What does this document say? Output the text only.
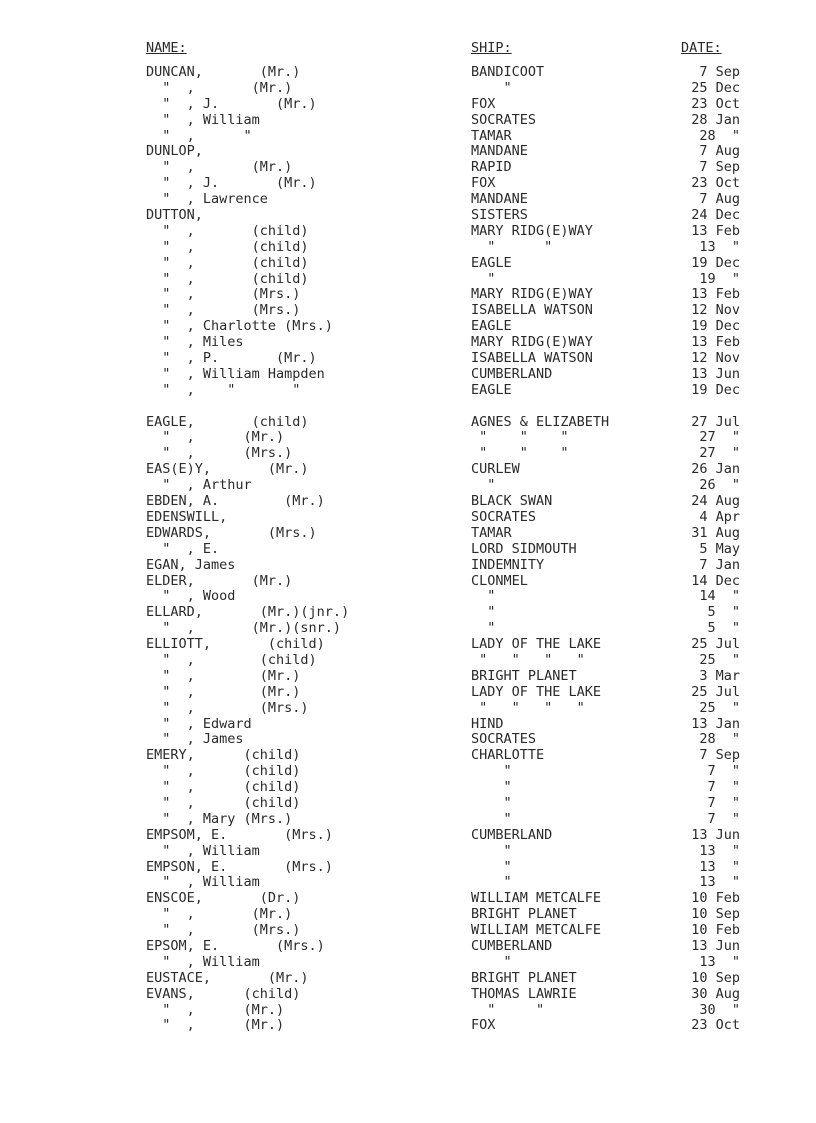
NAME:	SHIP:	DATE:
DUNCAN,       (Mr.)	BANDICOOT	7 Sep
"  ,       (Mr.)	"	25 Dec
"  , J.       (Mr.)	FOX	23 Oct
"  , William	SOCRATES	28 Jan
"  ,      "	TAMAR	28  "
DUNLOP,	MANDANE	7 Aug
"  ,       (Mr.)	RAPID	7 Sep
"  , J.       (Mr.)	FOX	23 Oct
"  , Lawrence	MANDANE	7 Aug
DUTTON,	SISTERS	24 Dec
"  ,       (child)	MARY RIDG(E)WAY	13 Feb
"  ,       (child)	"      "	13  "
"  ,       (child)	EAGLE	19 Dec
"  ,       (child)	"	19  "
"  ,       (Mrs.)	MARY RIDG(E)WAY	13 Feb
"  ,       (Mrs.)	ISABELLA WATSON	12 Nov
"  , Charlotte (Mrs.)	EAGLE	19 Dec
"  , Miles	MARY RIDG(E)WAY	13 Feb
"  , P.       (Mr.)	ISABELLA WATSON	12 Nov
"  , William Hampden	CUMBERLAND	13 Jun
"  ,    "       "	EAGLE	19 Dec
EAGLE,       (child)	AGNES & ELIZABETH	27 Jul
"  ,      (Mr.)	"    "    "	27  "
"  ,      (Mrs.)	"    "    "	27  "
EAS(E)Y,       (Mr.)	CURLEW	26 Jan
"  , Arthur	"	26  "
EBDEN, A.        (Mr.)	BLACK SWAN	24 Aug
EDENSWILL,	SOCRATES	4 Apr
EDWARDS,       (Mrs.)	TAMAR	31 Aug
"  , E.	LORD SIDMOUTH	5 May
EGAN, James	INDEMNITY	7 Jan
ELDER,       (Mr.)	CLONMEL	14 Dec
"  , Wood	"	14  "
ELLARD,       (Mr.)(jnr.)	"	5  "
"  ,       (Mr.)(snr.)	"	5  "
ELLIOTT,       (child)	LADY OF THE LAKE	25 Jul
"  ,        (child)	"   "   "   "	25  "
"  ,        (Mr.)	BRIGHT PLANET	3 Mar
"  ,        (Mr.)	LADY OF THE LAKE	25 Jul
"  ,        (Mrs.)	"   "   "   "	25  "
"  , Edward	HIND	13 Jan
"  , James	SOCRATES	28  "
EMERY,      (child)	CHARLOTTE	7 Sep
"  ,      (child)	"	7  "
"  ,      (child)	"	7  "
"  ,      (child)	"	7  "
"  , Mary (Mrs.)	"	7  "
EMPSOM, E.       (Mrs.)	CUMBERLAND	13 Jun
"  , William	"	13  "
EMPSON, E.       (Mrs.)	"	13  "
"  , William	"	13  "
ENSCOE,       (Dr.)	WILLIAM METCALFE	10 Feb
"  ,       (Mr.)	BRIGHT PLANET	10 Sep
"  ,       (Mrs.)	WILLIAM METCALFE	10 Feb
EPSOM, E.       (Mrs.)	CUMBERLAND	13 Jun
"  , William	"	13  "
EUSTACE,       (Mr.)	BRIGHT PLANET	10 Sep
EVANS,      (child)	THOMAS LAWRIE	30 Aug
"  ,      (Mr.)	"     "	30  "
"  ,      (Mr.)	FOX	23 Oct
